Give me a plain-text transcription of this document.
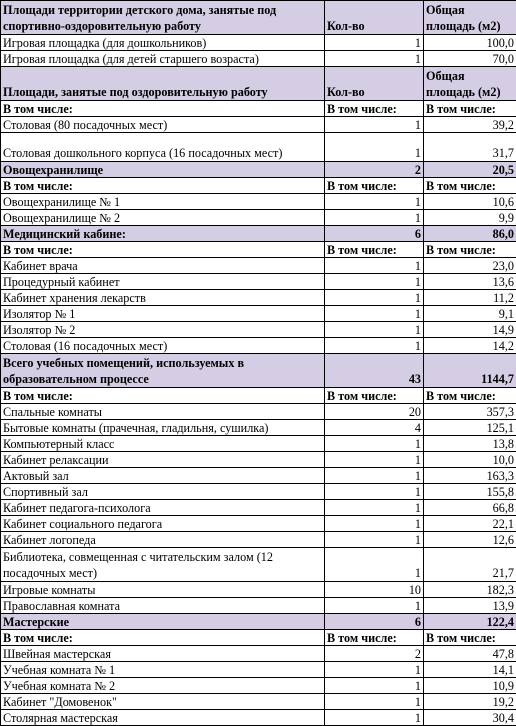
Площади территории детского дома, занятые под спортивно-оздоровительную работу	Кол-во	Общая площадь (м2)
Игровая площадка (для дошкольников)	1	100,0
Игровая площадка (для детей старшего возраста)	1	70,0
Площади, занятые под оздоровительную работу	Кол-во	Общая площадь (м2)
В том числе:	В том числе:	В том числе:
Столовая (80 посадочных мест)	1	39,2
Столовая дошкольного корпуса (16 посадочных мест)	1	31,7
Овощехранилище	2	20,5
В том числе:	В том числе:	В том числе:
Овощехранилище № 1	1	10,6
Овощехранилище № 2	1	9,9
Медицинский кабине:	6	86,0
В том числе:	В том числе:	В том числе:
Кабинет врача	1	23,0
Процедурный кабинет	1	13,6
Кабинет хранения лекарств	1	11,2
Изолятор № 1	1	9,1
Изолятор № 2	1	14,9
Столовая (16 посадочных мест)	1	14,2
Всего учебных помещений, используемых в образовательном процессе	43	1144,7
В том числе:	В том числе:	В том числе:
Спальные комнаты	20	357,3
Бытовые комнаты (прачечная, гладильня, сушилка)	4	125,1
Компьютерный класс	1	13,8
Кабинет релаксации	1	10,0
Актовый зал	1	163,3
Спортивный зал	1	155,8
Кабинет педагога-психолога	1	66,8
Кабинет социального педагога	1	22,1
Кабинет логопеда	1	12,6
Библиотека, совмещенная с читательским залом (12 посадочных мест)	1	21,7
Игровые комнаты	10	182,3
Православная комната	1	13,9
Мастерские	6	122,4
В том числе:	В том числе:	В том числе:
Швейная мастерская	2	47,8
Учебная комната № 1	1	14,1
Учебная комната № 2	1	10,9
Кабинет "Домовенок"	1	19,2
Столярная мастерская	1	30,4
